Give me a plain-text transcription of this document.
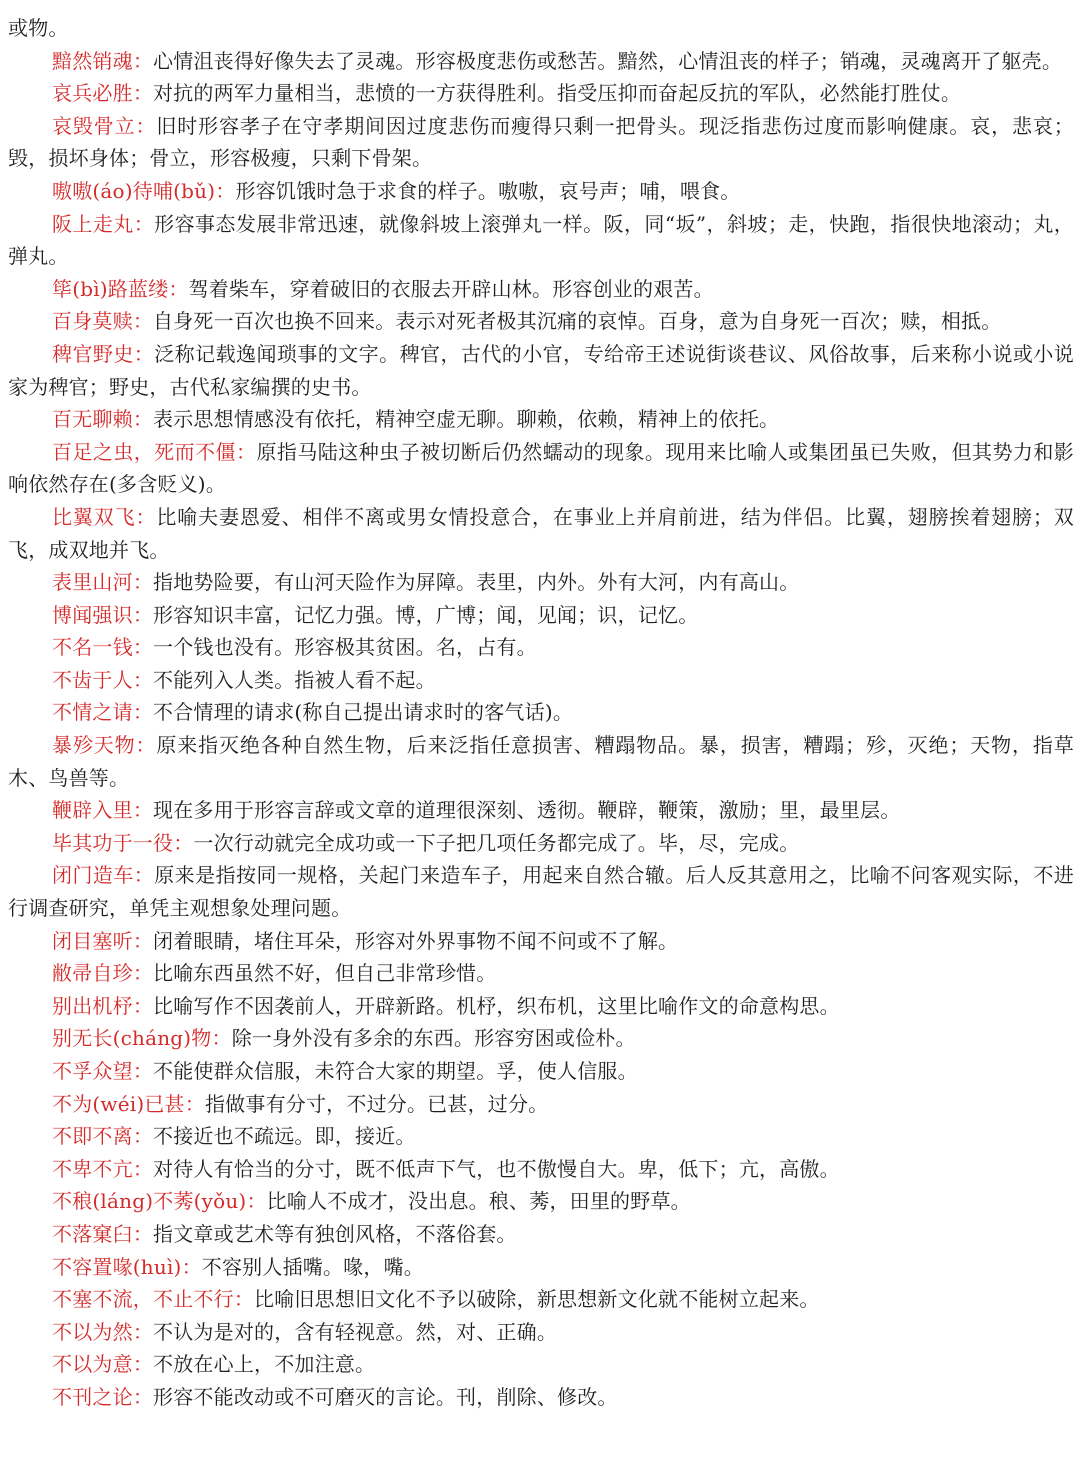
或物。

黯然销魂：心情沮丧得好像失去了灵魂。形容极度悲伤或愁苦。黯然，心情沮丧的样子；销魂，灵魂离开了躯壳。

哀兵必胜：对抗的两军力量相当，悲愤的一方获得胜利。指受压抑而奋起反抗的军队，必然能打胜仗。

哀毁骨立：旧时形容孝子在守孝期间因过度悲伤而瘦得只剩一把骨头。现泛指悲伤过度而影响健康。哀，悲哀；毁，损坏身体；骨立，形容极瘦，只剩下骨架。

嗷嗷(áo)待哺(bǔ)：形容饥饿时急于求食的样子。嗷嗷，哀号声；哺，喂食。

阪上走丸：形容事态发展非常迅速，就像斜坡上滚弹丸一样。阪，同“坂”，斜坡；走，快跑，指很快地滚动；丸，弹丸。

筚(bì)路蓝缕：驾着柴车，穿着破旧的衣服去开辟山林。形容创业的艰苦。

百身莫赎：自身死一百次也换不回来。表示对死者极其沉痛的哀悼。百身，意为自身死一百次；赎，相抵。

稗官野史：泛称记载逸闻琐事的文字。稗官，古代的小官，专给帝王述说街谈巷议、风俗故事，后来称小说或小说家为稗官；野史，古代私家编撰的史书。

百无聊赖：表示思想情感没有依托，精神空虚无聊。聊赖，依赖，精神上的依托。

百足之虫，死而不僵：原指马陆这种虫子被切断后仍然蠕动的现象。现用来比喻人或集团虽已失败，但其势力和影响依然存在(多含贬义)。

比翼双飞：比喻夫妻恩爱、相伴不离或男女情投意合，在事业上并肩前进，结为伴侣。比翼，翅膀挨着翅膀；双飞，成双地并飞。

表里山河：指地势险要，有山河天险作为屏障。表里，内外。外有大河，内有高山。

博闻强识：形容知识丰富，记忆力强。博，广博；闻，见闻；识，记忆。

不名一钱：一个钱也没有。形容极其贫困。名，占有。

不齿于人：不能列入人类。指被人看不起。

不情之请：不合情理的请求(称自己提出请求时的客气话)。

暴殄天物：原来指灭绝各种自然生物，后来泛指任意损害、糟蹋物品。暴，损害，糟蹋；殄，灭绝；天物，指草木、鸟兽等。

鞭辟入里：现在多用于形容言辞或文章的道理很深刻、透彻。鞭辟，鞭策，激励；里，最里层。

毕其功于一役：一次行动就完全成功或一下子把几项任务都完成了。毕，尽，完成。

闭门造车：原来是指按同一规格，关起门来造车子，用起来自然合辙。后人反其意用之，比喻不问客观实际，不进行调查研究，单凭主观想象处理问题。

闭目塞听：闭着眼睛，堵住耳朵，形容对外界事物不闻不问或不了解。

敝帚自珍：比喻东西虽然不好，但自己非常珍惜。

别出机杼：比喻写作不因袭前人，开辟新路。机杼，织布机，这里比喻作文的命意构思。

别无长(cháng)物：除一身外没有多余的东西。形容穷困或俭朴。

不孚众望：不能使群众信服，未符合大家的期望。孚，使人信服。

不为(wéi)已甚：指做事有分寸，不过分。已甚，过分。

不即不离：不接近也不疏远。即，接近。

不卑不亢：对待人有恰当的分寸，既不低声下气，也不傲慢自大。卑，低下；亢，高傲。

不稂(láng)不莠(yǒu)：比喻人不成才，没出息。稂、莠，田里的野草。

不落窠臼：指文章或艺术等有独创风格，不落俗套。

不容置喙(huì)：不容别人插嘴。喙，嘴。

不塞不流，不止不行：比喻旧思想旧文化不予以破除，新思想新文化就不能树立起来。

不以为然：不认为是对的，含有轻视意。然，对、正确。

不以为意：不放在心上，不加注意。

不刊之论：形容不能改动或不可磨灭的言论。刊，削除、修改。
